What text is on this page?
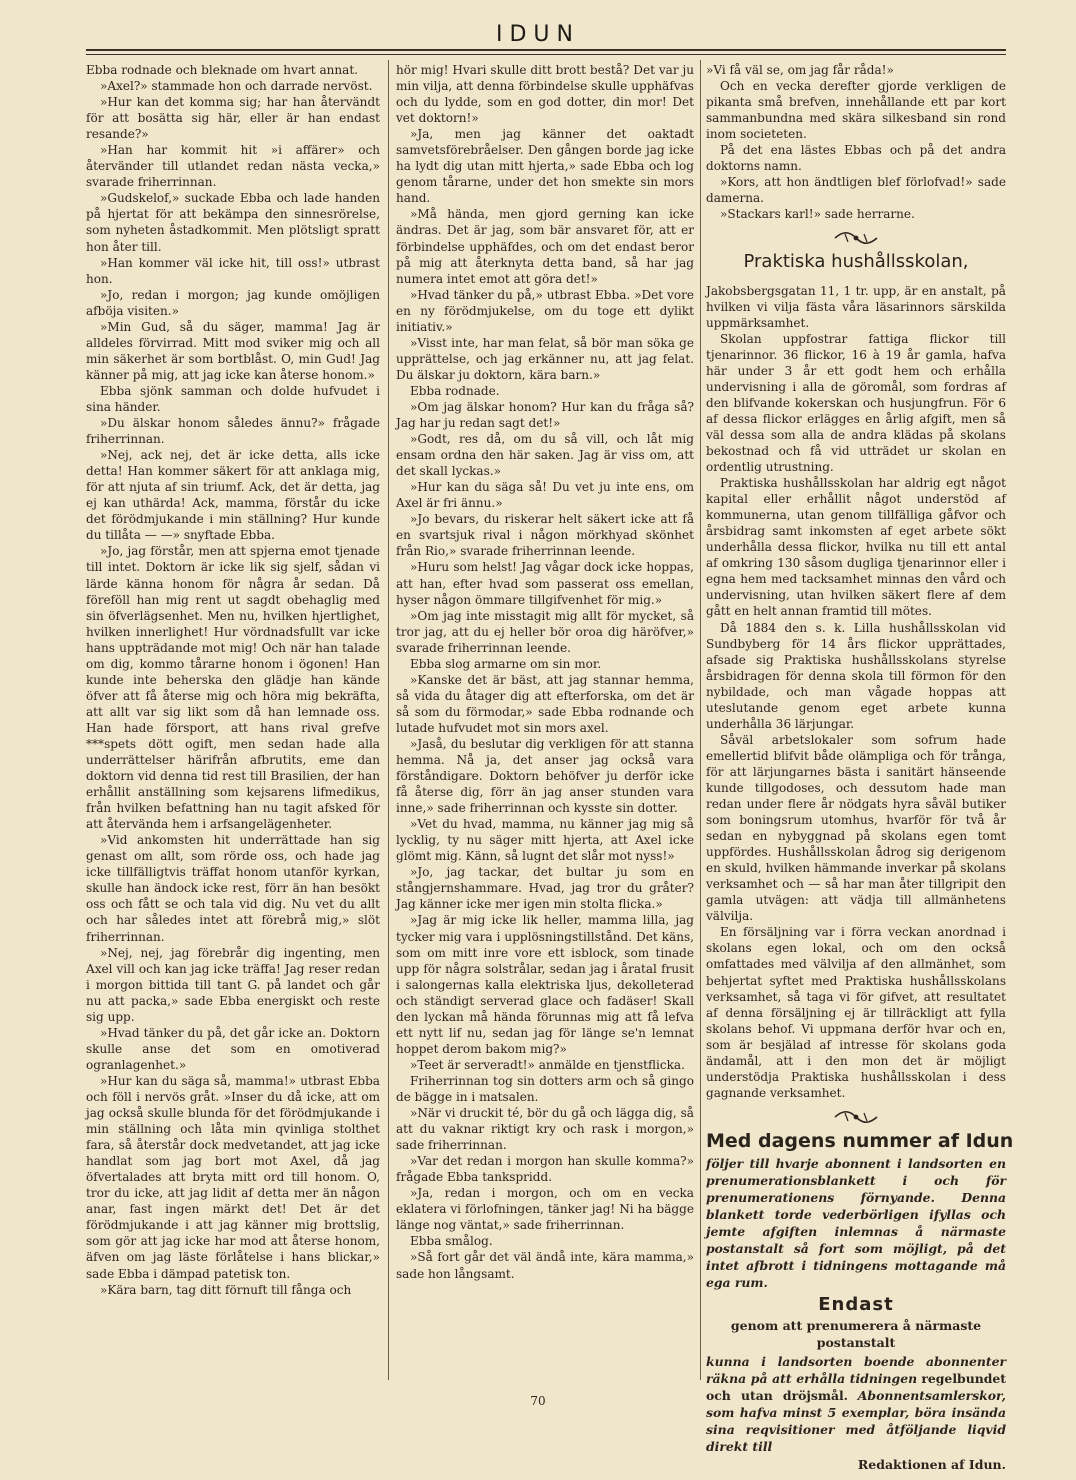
IDUN

Ebba rodnade och bleknade om hvart annat.

»Axel?» stammade hon och darrade nervöst.

»Hur kan det komma sig; har han återvändt för att bosätta sig här, eller är han endast resande?»

»Han har kommit hit »i affärer» och återvänder till utlandet redan nästa vecka,» svarade friherrinnan.

»Gudskelof,» suckade Ebba och lade handen på hjertat för att bekämpa den sinnesrörelse, som nyheten åstadkommit. Men plötsligt spratt hon åter till.

»Han kommer väl icke hit, till oss!» utbrast hon.

»Jo, redan i morgon; jag kunde omöjligen afböja visiten.»

»Min Gud, så du säger, mamma! Jag är alldeles förvirrad. Mitt mod sviker mig och all min säkerhet är som bortblåst. O, min Gud! Jag känner på mig, att jag icke kan återse honom.»

Ebba sjönk samman och dolde hufvudet i sina händer.

»Du älskar honom således ännu?» frågade friherrinnan.

»Nej, ack nej, det är icke detta, alls icke detta! Han kommer säkert för att anklaga mig, för att njuta af sin triumf. Ack, det är detta, jag ej kan uthärda! Ack, mamma, förstår du icke det förödmjukande i min ställning? Hur kunde du tillåta — —» snyftade Ebba.

»Jo, jag förstår, men att spjerna emot tjenade till intet. Doktorn är icke lik sig sjelf, sådan vi lärde känna honom för några år sedan. Då föreföll han mig rent ut sagdt obehaglig med sin öfverlägsenhet. Men nu, hvilken hjertlighet, hvilken innerlighet! Hur vördnadsfullt var icke hans uppträdande mot mig! Och när han talade om dig, kommo tårarne honom i ögonen! Han kunde inte beherska den glädje han kände öfver att få återse mig och höra mig bekräfta, att allt var sig likt som då han lemnade oss. Han hade försport, att hans rival grefve ***spets dött ogift, men sedan hade alla underrättelser härifrån afbrutits, eme dan doktorn vid denna tid rest till Brasilien, der han erhållit anställning som kejsarens lifmedikus, från hvilken befattning han nu tagit afsked för att återvända hem i arfsangelägenheter.

»Vid ankomsten hit underrättade han sig genast om allt, som rörde oss, och hade jag icke tillfälligtvis träffat honom utanför kyrkan, skulle han ändock icke rest, förr än han besökt oss och fått se och tala vid dig. Nu vet du allt och har således intet att förebrå mig,» slöt friherrinnan.

»Nej, nej, jag förebrår dig ingenting, men Axel vill och kan jag icke träffa! Jag reser redan i morgon bittida till tant G. på landet och går nu att packa,» sade Ebba energiskt och reste sig upp.

»Hvad tänker du på, det går icke an. Doktorn skulle anse det som en omotiverad ogranlagenhet.»

»Hur kan du säga så, mamma!» utbrast Ebba och föll i nervös gråt. »Inser du då icke, att om jag också skulle blunda för det förödmjukande i min ställning och låta min qvinliga stolthet fara, så återstår dock medvetandet, att jag icke handlat som jag bort mot Axel, då jag öfvertalades att bryta mitt ord till honom. O, tror du icke, att jag lidit af detta mer än någon anar, fast ingen märkt det! Det är det förödmjukande i att jag känner mig brottslig, som gör att jag icke har mod att återse honom, äfven om jag läste förlåtelse i hans blickar,» sade Ebba i dämpad patetisk ton.

»Kära barn, tag ditt förnuft till fånga och

hör mig! Hvari skulle ditt brott bestå? Det var ju min vilja, att denna förbindelse skulle upphäfvas och du lydde, som en god dotter, din mor! Det vet doktorn!»

»Ja, men jag känner det oaktadt samvetsförebråelser. Den gången borde jag icke ha lydt dig utan mitt hjerta,» sade Ebba och log genom tårarne, under det hon smekte sin mors hand.

»Må hända, men gjord gerning kan icke ändras. Det är jag, som bär ansvaret för, att er förbindelse upphäfdes, och om det endast beror på mig att återknyta detta band, så har jag numera intet emot att göra det!»

»Hvad tänker du på,» utbrast Ebba. »Det vore en ny förödmjukelse, om du toge ett dylikt initiativ.»

»Visst inte, har man felat, så bör man söka ge upprättelse, och jag erkänner nu, att jag felat. Du älskar ju doktorn, kära barn.»

Ebba rodnade.

»Om jag älskar honom? Hur kan du fråga så? Jag har ju redan sagt det!»

»Godt, res då, om du så vill, och låt mig ensam ordna den här saken. Jag är viss om, att det skall lyckas.»

»Hur kan du säga så! Du vet ju inte ens, om Axel är fri ännu.»

»Jo bevars, du riskerar helt säkert icke att få en svartsjuk rival i någon mörkhyad skönhet från Rio,» svarade friherrinnan leende.

»Huru som helst! Jag vågar dock icke hoppas, att han, efter hvad som passerat oss emellan, hyser någon ömmare tillgifvenhet för mig.»

»Om jag inte misstagit mig allt för mycket, så tror jag, att du ej heller bör oroa dig häröfver,» svarade friherrinnan leende.

Ebba slog armarne om sin mor.

»Kanske det är bäst, att jag stannar hemma, så vida du åtager dig att efterforska, om det är så som du förmodar,» sade Ebba rodnande och lutade hufvudet mot sin mors axel.

»Jaså, du beslutar dig verkligen för att stanna hemma. Nå ja, det anser jag också vara förståndigare. Doktorn behöfver ju derför icke få återse dig, förr än jag anser stunden vara inne,» sade friherrinnan och kysste sin dotter.

»Vet du hvad, mamma, nu känner jag mig så lycklig, ty nu säger mitt hjerta, att Axel icke glömt mig. Känn, så lugnt det slår mot nyss!»

»Jo, jag tackar, det bultar ju som en stångjernshammare. Hvad, jag tror du gråter? Jag känner icke mer igen min stolta flicka.»

»Jag är mig icke lik heller, mamma lilla, jag tycker mig vara i upplösningstillstånd. Det käns, som om mitt inre vore ett isblock, som tinade upp för några solstrålar, sedan jag i åratal frusit i salongernas kalla elektriska ljus, dekolleterad och ständigt serverad glace och fadäser! Skall den lyckan må hända förunnas mig att få lefva ett nytt lif nu, sedan jag för länge se'n lemnat hoppet derom bakom mig?»

»Teet är serveradt!» anmälde en tjenstflicka.

Friherrinnan tog sin dotters arm och så gingo de bägge in i matsalen.

»När vi druckit té, bör du gå och lägga dig, så att du vaknar riktigt kry och rask i morgon,» sade friherrinnan.

»Var det redan i morgon han skulle komma?» frågade Ebba tankspridd.

»Ja, redan i morgon, och om en vecka eklatera vi förlofningen, tänker jag! Ni ha bägge länge nog väntat,» sade friherrinnan.

Ebba smålog.

»Så fort går det väl ändå inte, kära mamma,» sade hon långsamt.

»Vi få väl se, om jag får råda!»

Och en vecka derefter gjorde verkligen de pikanta små brefven, innehållande ett par kort sammanbundna med skära silkesband sin rond inom societeten.

På det ena lästes Ebbas och på det andra doktorns namn.

»Kors, att hon ändtligen blef förlofvad!» sade damerna.

»Stackars karl!» sade herrarne.

Praktiska hushållsskolan,

Jakobsbergsgatan 11, 1 tr. upp, är en anstalt, på hvilken vi vilja fästa våra läsarinnors särskilda uppmärksamhet.

Skolan uppfostrar fattiga flickor till tjenarinnor. 36 flickor, 16 à 19 år gamla, hafva här under 3 år ett godt hem och erhålla undervisning i alla de göromål, som fordras af den blifvande kokerskan och husjungfrun. För 6 af dessa flickor erlägges en årlig afgift, men så väl dessa som alla de andra klädas på skolans bekostnad och få vid utträdet ur skolan en ordentlig utrustning.

Praktiska hushållsskolan har aldrig egt något kapital eller erhållit något understöd af kommunerna, utan genom tillfälliga gåfvor och årsbidrag samt inkomsten af eget arbete sökt underhålla dessa flickor, hvilka nu till ett antal af omkring 130 såsom dugliga tjenarinnor eller i egna hem med tacksamhet minnas den vård och undervisning, utan hvilken säkert flere af dem gått en helt annan framtid till mötes.

Då 1884 den s. k. Lilla hushållsskolan vid Sundbyberg för 14 års flickor upprättades, afsade sig Praktiska hushållsskolans styrelse årsbidragen för denna skola till förmon för den nybildade, och man vågade hoppas att uteslutande genom eget arbete kunna underhålla 36 lärjungar.

Såväl arbetslokaler som sofrum hade emellertid blifvit både olämpliga och för trånga, för att lärjungarnes bästa i sanitärt hänseende kunde tillgodoses, och dessutom hade man redan under flere år nödgats hyra såväl butiker som boningsrum utomhus, hvarför för två år sedan en nybyggnad på skolans egen tomt uppfördes. Hushållsskolan ådrog sig derigenom en skuld, hvilken hämmande inverkar på skolans verksamhet och — så har man åter tillgripit den gamla utvägen: att vädja till allmänhetens välvilja.

En försäljning var i förra veckan anordnad i skolans egen lokal, och om den också omfattades med välvilja af den allmänhet, som behjertat syftet med Praktiska hushållsskolans verksamhet, så taga vi för gifvet, att resultatet af denna försäljning ej är tillräckligt att fylla skolans behof. Vi uppmana derför hvar och en, som är besjälad af intresse för skolans goda ändamål, att i den mon det är möjligt understödja Praktiska hushållsskolan i dess gagnande verksamhet.

Med dagens nummer af Idun
följer till hvarje abonnent i landsorten en prenumerationsblankett i och för prenumerationens förnyande. Denna blankett torde vederbörligen ifyllas och jemte afgiften inlemnas å närmaste postanstalt så fort som möjligt, på det intet afbrott i tidningens mottagande må ega rum.
Endast
genom att prenumerera å närmaste postanstalt
kunna i landsorten boende abonnenter räkna på att erhålla tidningen regelbundet och utan dröjsmål. Abonnentsamlerskor, som hafva minst 5 exemplar, böra insända sina reqvisitioner med åtföljande liqvid direkt till
Redaktionen af Idun.
70
